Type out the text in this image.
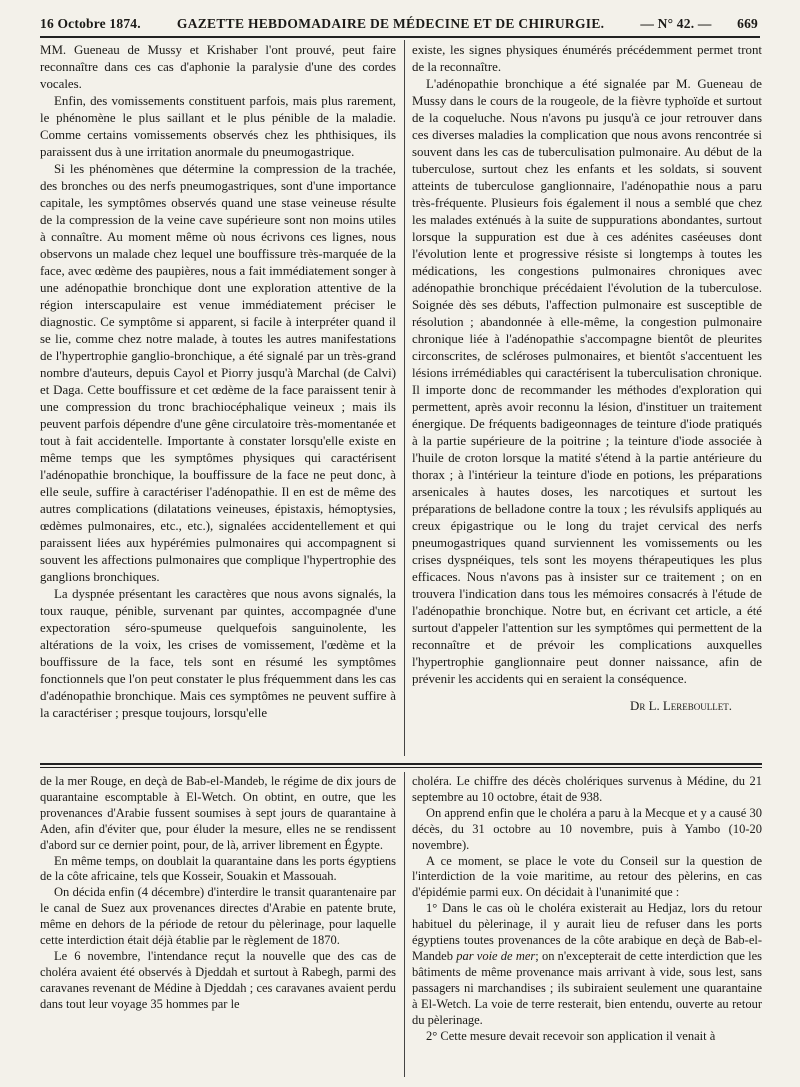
16 Octobre 1874.	GAZETTE HEBDOMADAIRE DE MÉDECINE ET DE CHIRURGIE.	— N° 42. — 669

MM. Gueneau de Mussy et Krishaber l'ont prouvé, peut faire reconnaître dans ces cas d'aphonie la paralysie d'une des cordes vocales.

Enfin, des vomissements constituent parfois, mais plus rarement, le phénomène le plus saillant et le plus pénible de la maladie. Comme certains vomissements observés chez les phthisiques, ils paraissent dus à une irritation anormale du pneumogastrique.

Si les phénomènes que détermine la compression de la trachée, des bronches ou des nerfs pneumogastriques, sont d'une importance capitale, les symptômes observés quand une stase veineuse résulte de la compression de la veine cave supérieure sont non moins utiles à connaître. Au moment même où nous écrivons ces lignes, nous observons un malade chez lequel une bouffissure très-marquée de la face, avec œdème des paupières, nous a fait immédiatement songer à une adénopathie bronchique dont une exploration attentive de la région interscapulaire est venue immédiatement préciser le diagnostic. Ce symptôme si apparent, si facile à interpréter quand il se lie, comme chez notre malade, à toutes les autres manifestations de l'hypertrophie ganglio-bronchique, a été signalé par un très-grand nombre d'auteurs, depuis Cayol et Piorry jusqu'à Marchal (de Calvi) et Daga. Cette bouffissure et cet œdème de la face paraissent tenir à une compression du tronc brachiocéphalique veineux ; mais ils peuvent parfois dépendre d'une gêne circulatoire très-momentanée et tout à fait accidentelle. Importante à constater lorsqu'elle existe en même temps que les symptômes physiques qui caractérisent l'adénopathie bronchique, la bouffissure de la face ne peut donc, à elle seule, suffire à caractériser l'adénopathie. Il en est de même des autres complications (dilatations veineuses, épistaxis, hémoptysies, œdèmes pulmonaires, etc., etc.), signalées accidentellement et qui paraissent liées aux hypérémies pulmonaires qui accompagnent si souvent les affections pulmonaires que complique l'hypertrophie des ganglions bronchiques.

La dyspnée présentant les caractères que nous avons signalés, la toux rauque, pénible, survenant par quintes, accompagnée d'une expectoration séro-spumeuse quelquefois sanguinolente, les altérations de la voix, les crises de vomissement, l'œdème et la bouffissure de la face, tels sont en résumé les symptômes fonctionnels que l'on peut constater le plus fréquemment dans les cas d'adénopathie bronchique. Mais ces symptômes ne peuvent suffire à la caractériser ; presque toujours, lorsqu'elle

existe, les signes physiques énumérés précédemment permet tront de la reconnaître.

L'adénopathie bronchique a été signalée par M. Gueneau de Mussy dans le cours de la rougeole, de la fièvre typhoïde et surtout de la coqueluche. Nous n'avons pu jusqu'à ce jour retrouver dans ces diverses maladies la complication que nous avons rencontrée si souvent dans les cas de tuberculisation pulmonaire. Au début de la tuberculose, surtout chez les enfants et les soldats, si souvent atteints de tuberculose ganglionnaire, l'adénopathie nous a paru très-fréquente. Plusieurs fois également il nous a semblé que chez les malades exténués à la suite de suppurations abondantes, surtout lorsque la suppuration est due à ces adénites caséeuses dont l'évolution lente et progressive résiste si longtemps à toutes les médications, les congestions pulmonaires chroniques avec adénopathie bronchique précédaient l'évolution de la tuberculose. Soignée dès ses débuts, l'affection pulmonaire est susceptible de résolution ; abandonnée à elle-même, la congestion pulmonaire chronique liée à l'adénopathie s'accompagne bientôt de pleurites circonscrites, de scléroses pulmonaires, et bientôt s'accentuent les lésions irrémédiables qui caractérisent la tuberculisation chronique. Il importe donc de recommander les méthodes d'exploration qui permettent, après avoir reconnu la lésion, d'instituer un traitement énergique. De fréquents badigeonnages de teinture d'iode pratiqués à la partie supérieure de la poitrine ; la teinture d'iode associée à l'huile de croton lorsque la matité s'étend à la partie antérieure du thorax ; à l'intérieur la teinture d'iode en potions, les préparations arsenicales à hautes doses, les narcotiques et surtout les préparations de belladone contre la toux ; les révulsifs appliqués au creux épigastrique ou le long du trajet cervical des nerfs pneumogastriques quand surviennent les vomissements ou les crises dyspnéiques, tels sont les moyens thérapeutiques les plus efficaces. Nous n'avons pas à insister sur ce traitement ; on en trouvera l'indication dans tous les mémoires consacrés à l'étude de l'adénopathie bronchique. Notre but, en écrivant cet article, a été surtout d'appeler l'attention sur les symptômes qui permettent de la reconnaître et de prévoir les complications auxquelles l'hypertrophie ganglionnaire peut donner naissance, afin de prévenir les accidents qui en seraient la conséquence.

Dr L. Lereboullet.

de la mer Rouge, en deçà de Bab-el-Mandeb, le régime de dix jours de quarantaine escomptable à El-Wetch. On obtint, en outre, que les provenances d'Arabie fussent soumises à sept jours de quarantaine à Aden, afin d'éviter que, pour éluder la mesure, elles ne se rendissent d'abord sur ce dernier point, pour, de là, arriver librement en Égypte.

En même temps, on doublait la quarantaine dans les ports égyptiens de la côte africaine, tels que Kosseir, Souakin et Massouah.

On décida enfin (4 décembre) d'interdire le transit quarantenaire par le canal de Suez aux provenances directes d'Arabie en patente brute, même en dehors de la période de retour du pèlerinage, pour laquelle cette interdiction était déjà établie par le règlement de 1870.

Le 6 novembre, l'intendance reçut la nouvelle que des cas de choléra avaient été observés à Djeddah et surtout à Rabegh, parmi des caravanes revenant de Médine à Djeddah ; ces caravanes avaient perdu dans tout leur voyage 35 hommes par le

choléra. Le chiffre des décès cholériques survenus à Médine, du 21 septembre au 10 octobre, était de 938.

On apprend enfin que le choléra a paru à la Mecque et y a causé 30 décès, du 31 octobre au 10 novembre, puis à Yambo (10-20 novembre).

A ce moment, se place le vote du Conseil sur la question de l'interdiction de la voie maritime, au retour des pèlerins, en cas d'épidémie parmi eux. On décidait à l'unanimité que :

1° Dans le cas où le choléra existerait au Hedjaz, lors du retour habituel du pèlerinage, il y aurait lieu de refuser dans les ports égyptiens toutes provenances de la côte arabique en deçà de Bab-el-Mandeb par voie de mer; on n'excepterait de cette interdiction que les bâtiments de même provenance mais arrivant à vide, sous lest, sans passagers ni marchandises ; ils subiraient seulement une quarantaine à El-Wetch. La voie de terre resterait, bien entendu, ouverte au retour du pèlerinage.

2° Cette mesure devait recevoir son application il venait à
